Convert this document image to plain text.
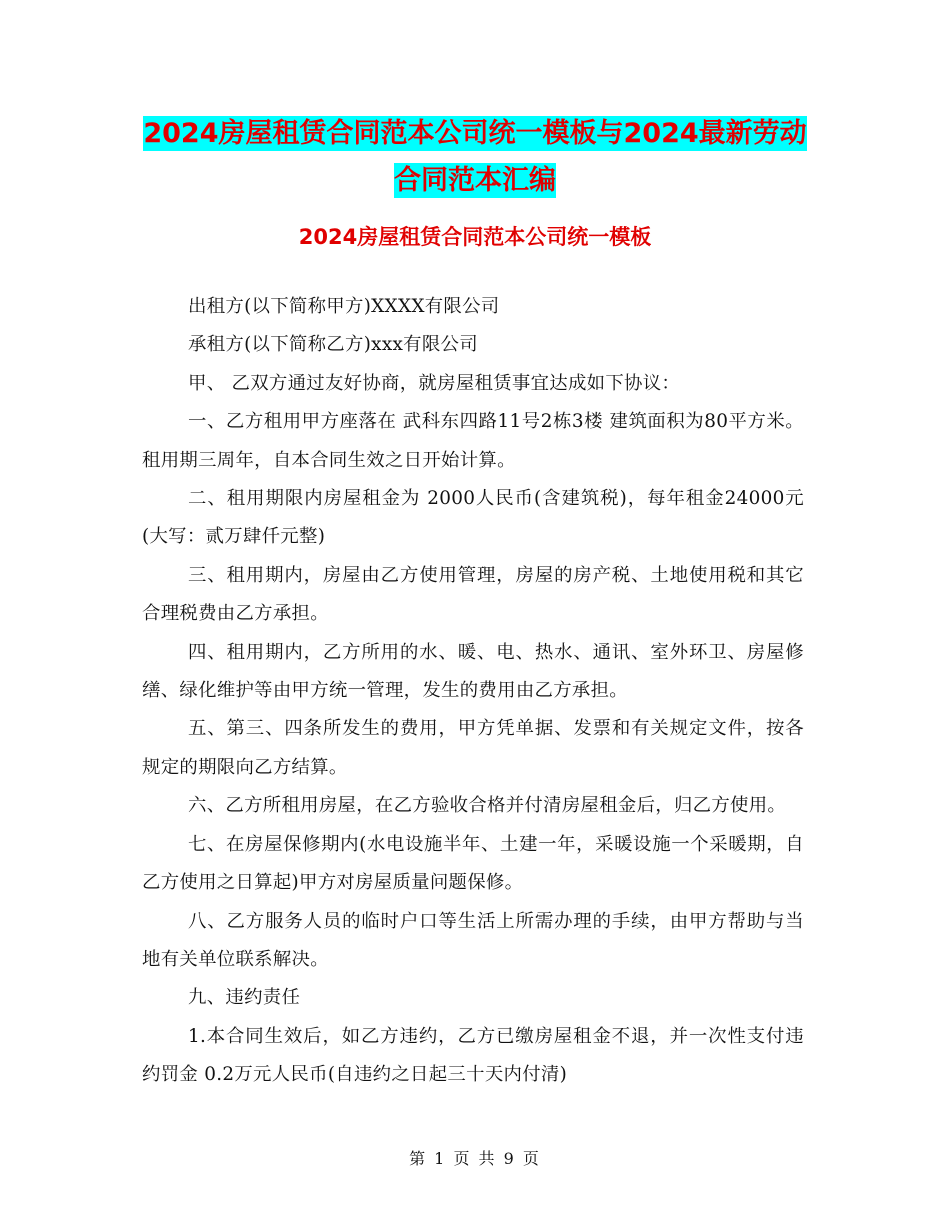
2024房屋租赁合同范本公司统一模板与2024最新劳动
合同范本汇编
2024房屋租赁合同范本公司统一模板

出租方(以下简称甲方)XXXX有限公司

承租方(以下简称乙方)xxx有限公司

甲、 乙双方通过友好协商，就房屋租赁事宜达成如下协议：

一、乙方租用甲方座落在 武科东四路11号2栋3楼 建筑面积为80平方米。租用期三周年，自本合同生效之日开始计算。

二、租用期限内房屋租金为 2000人民币(含建筑税)，每年租金24000元 (大写：贰万肆仟元整)

三、租用期内，房屋由乙方使用管理，房屋的房产税、土地使用税和其它合理税费由乙方承担。

四、租用期内，乙方所用的水、暖、电、热水、通讯、室外环卫、房屋修缮、绿化维护等由甲方统一管理，发生的费用由乙方承担。

五、第三、四条所发生的费用，甲方凭单据、发票和有关规定文件，按各规定的期限向乙方结算。

六、乙方所租用房屋，在乙方验收合格并付清房屋租金后，归乙方使用。

七、在房屋保修期内(水电设施半年、土建一年，采暖设施一个采暖期，自乙方使用之日算起)甲方对房屋质量问题保修。

八、乙方服务人员的临时户口等生活上所需办理的手续，由甲方帮助与当地有关单位联系解决。

九、违约责任

1.本合同生效后，如乙方违约，乙方已缴房屋租金不退，并一次性支付违约罚金 0.2万元人民币(自违约之日起三十天内付清)

第 1 页 共 9 页
